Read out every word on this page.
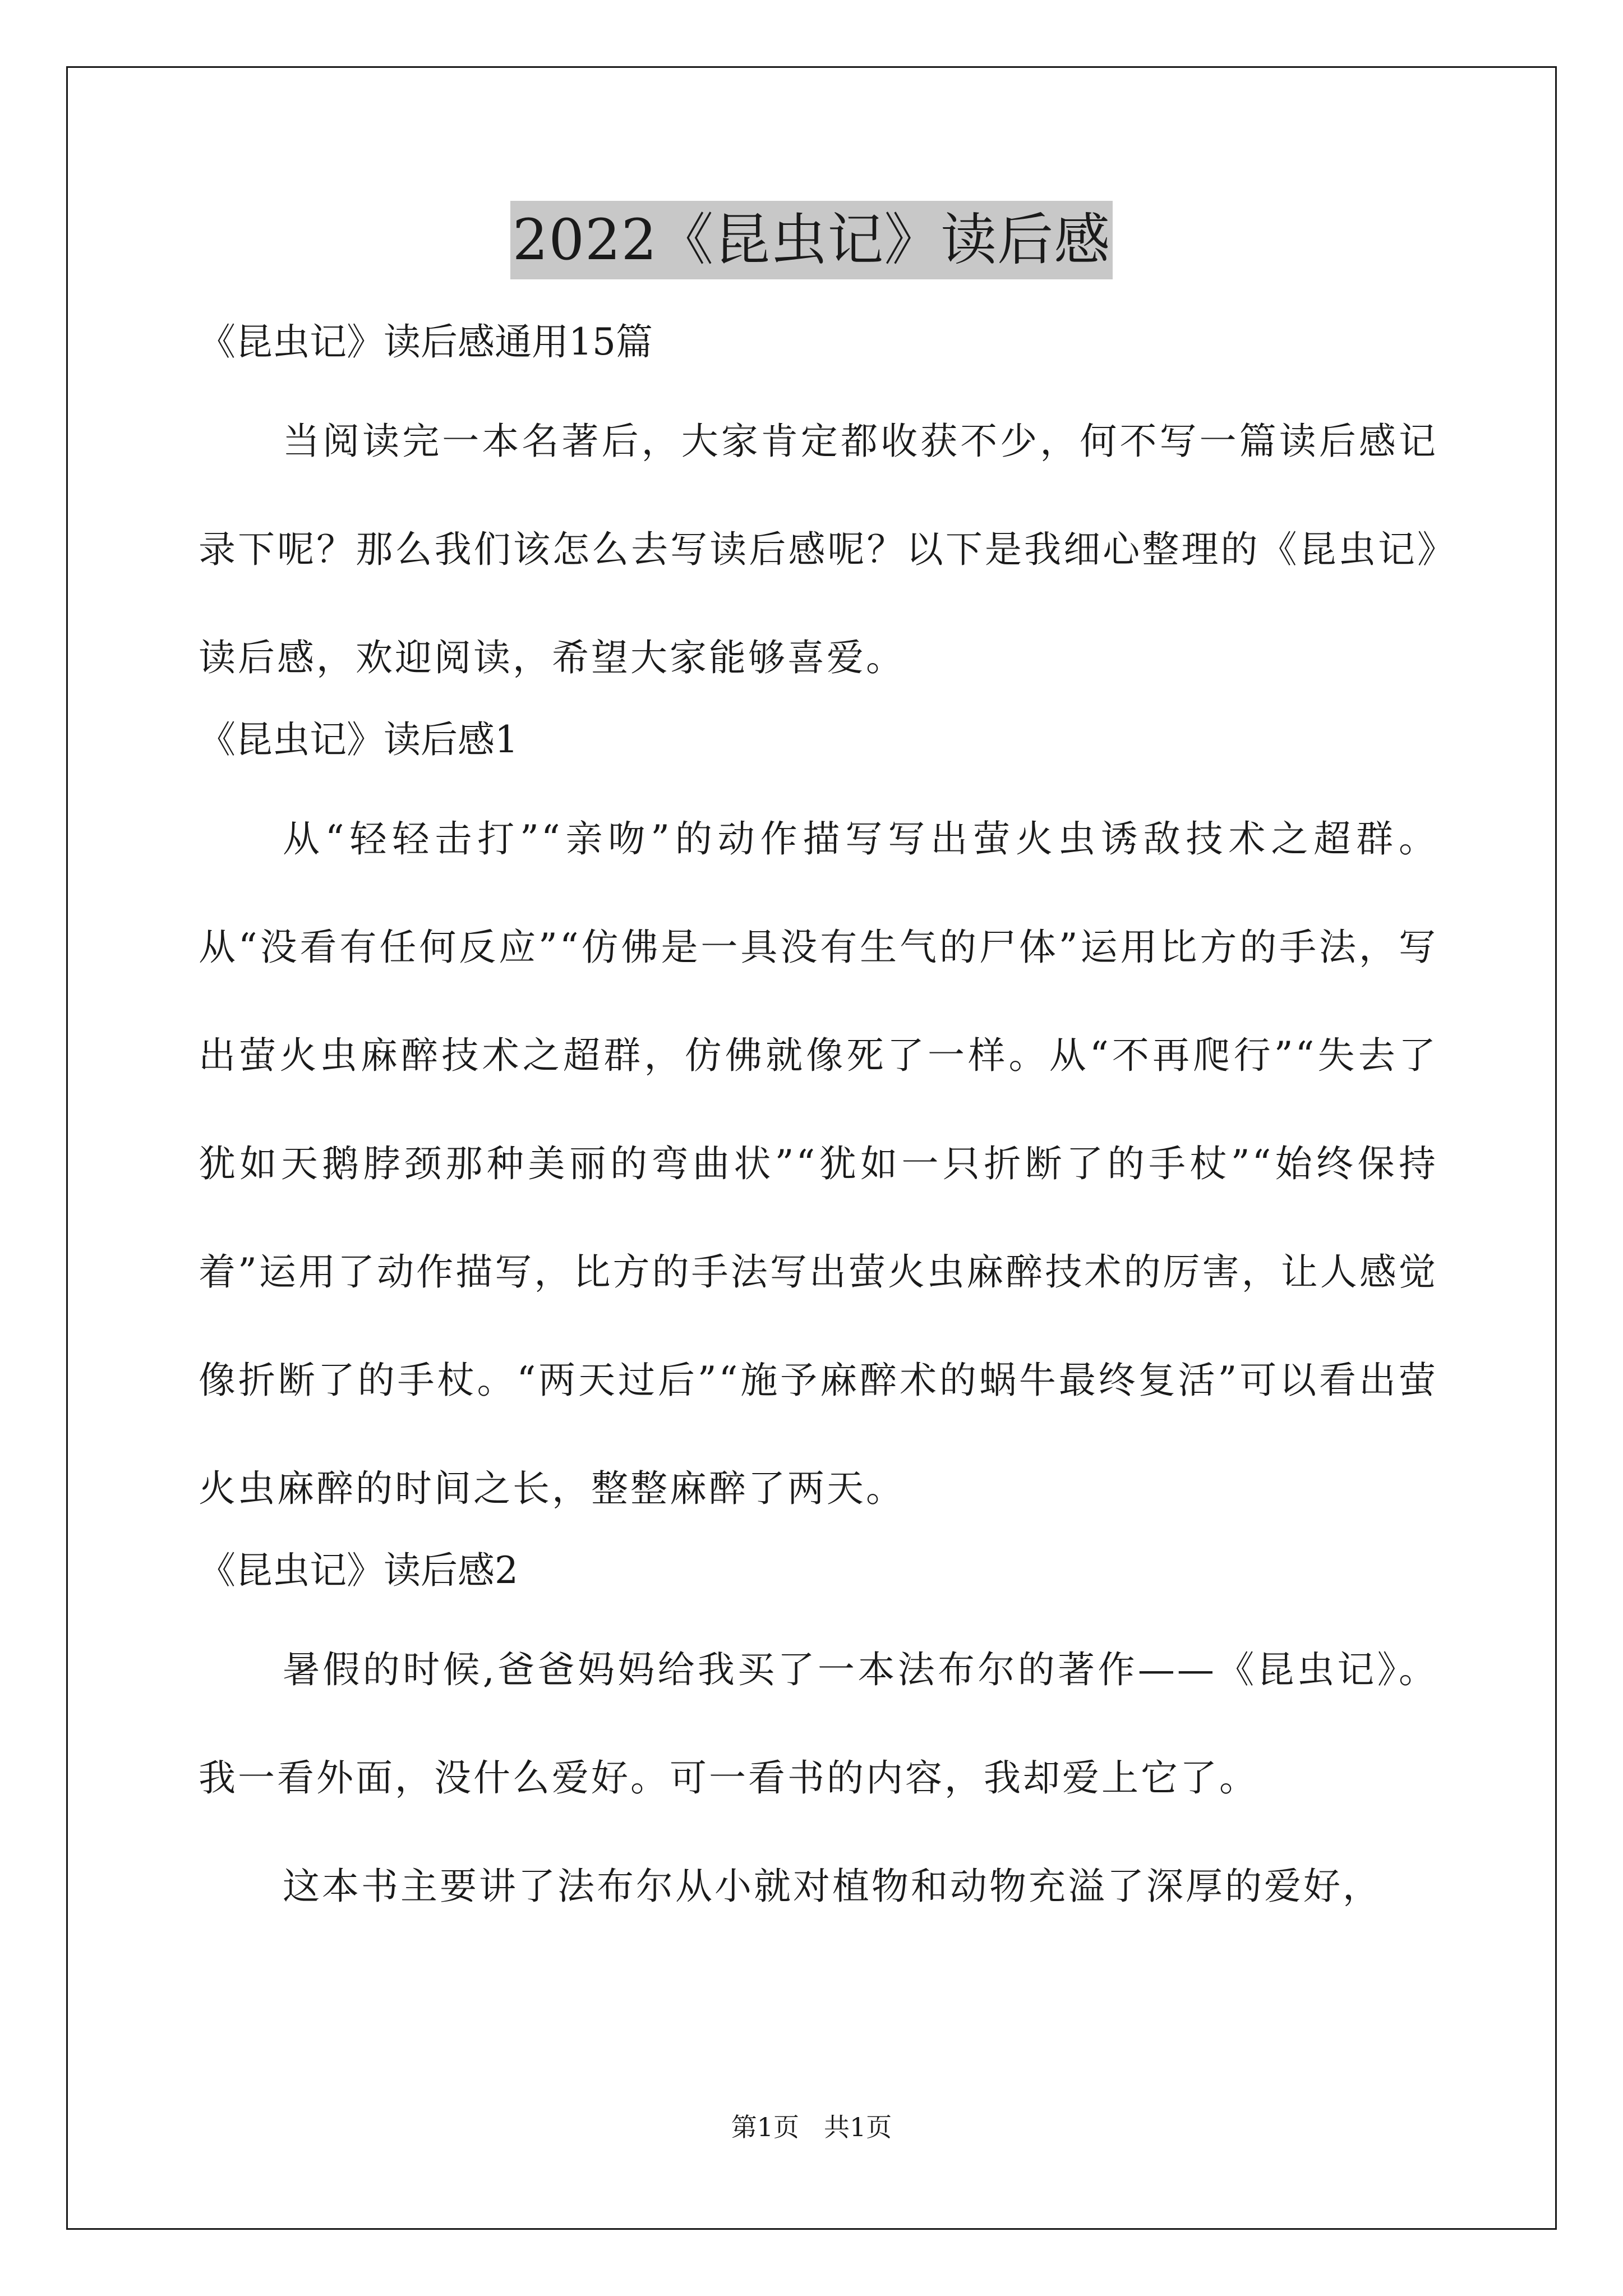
2022《昆虫记》读后感

《昆虫记》读后感通用15篇

当阅读完一本名著后，大家肯定都收获不少，何不写一篇读后感记录下呢？那么我们该怎么去写读后感呢？以下是我细心整理的《昆虫记》读后感，欢迎阅读，希望大家能够喜爱。

《昆虫记》读后感1

从“轻轻击打”“亲吻”的动作描写写出萤火虫诱敌技术之超群。从“没看有任何反应”“仿佛是一具没有生气的尸体”运用比方的手法，写出萤火虫麻醉技术之超群，仿佛就像死了一样。从“不再爬行”“失去了犹如天鹅脖颈那种美丽的弯曲状”“犹如一只折断了的手杖”“始终保持着”运用了动作描写，比方的手法写出萤火虫麻醉技术的厉害，让人感觉像折断了的手杖。“两天过后”“施予麻醉术的蜗牛最终复活”可以看出萤火虫麻醉的时间之长，整整麻醉了两天。

《昆虫记》读后感2

暑假的时候,爸爸妈妈给我买了一本法布尔的著作——《昆虫记》。我一看外面，没什么爱好。可一看书的内容，我却爱上它了。

这本书主要讲了法布尔从小就对植物和动物充溢了深厚的爱好，

第1页 共1页
